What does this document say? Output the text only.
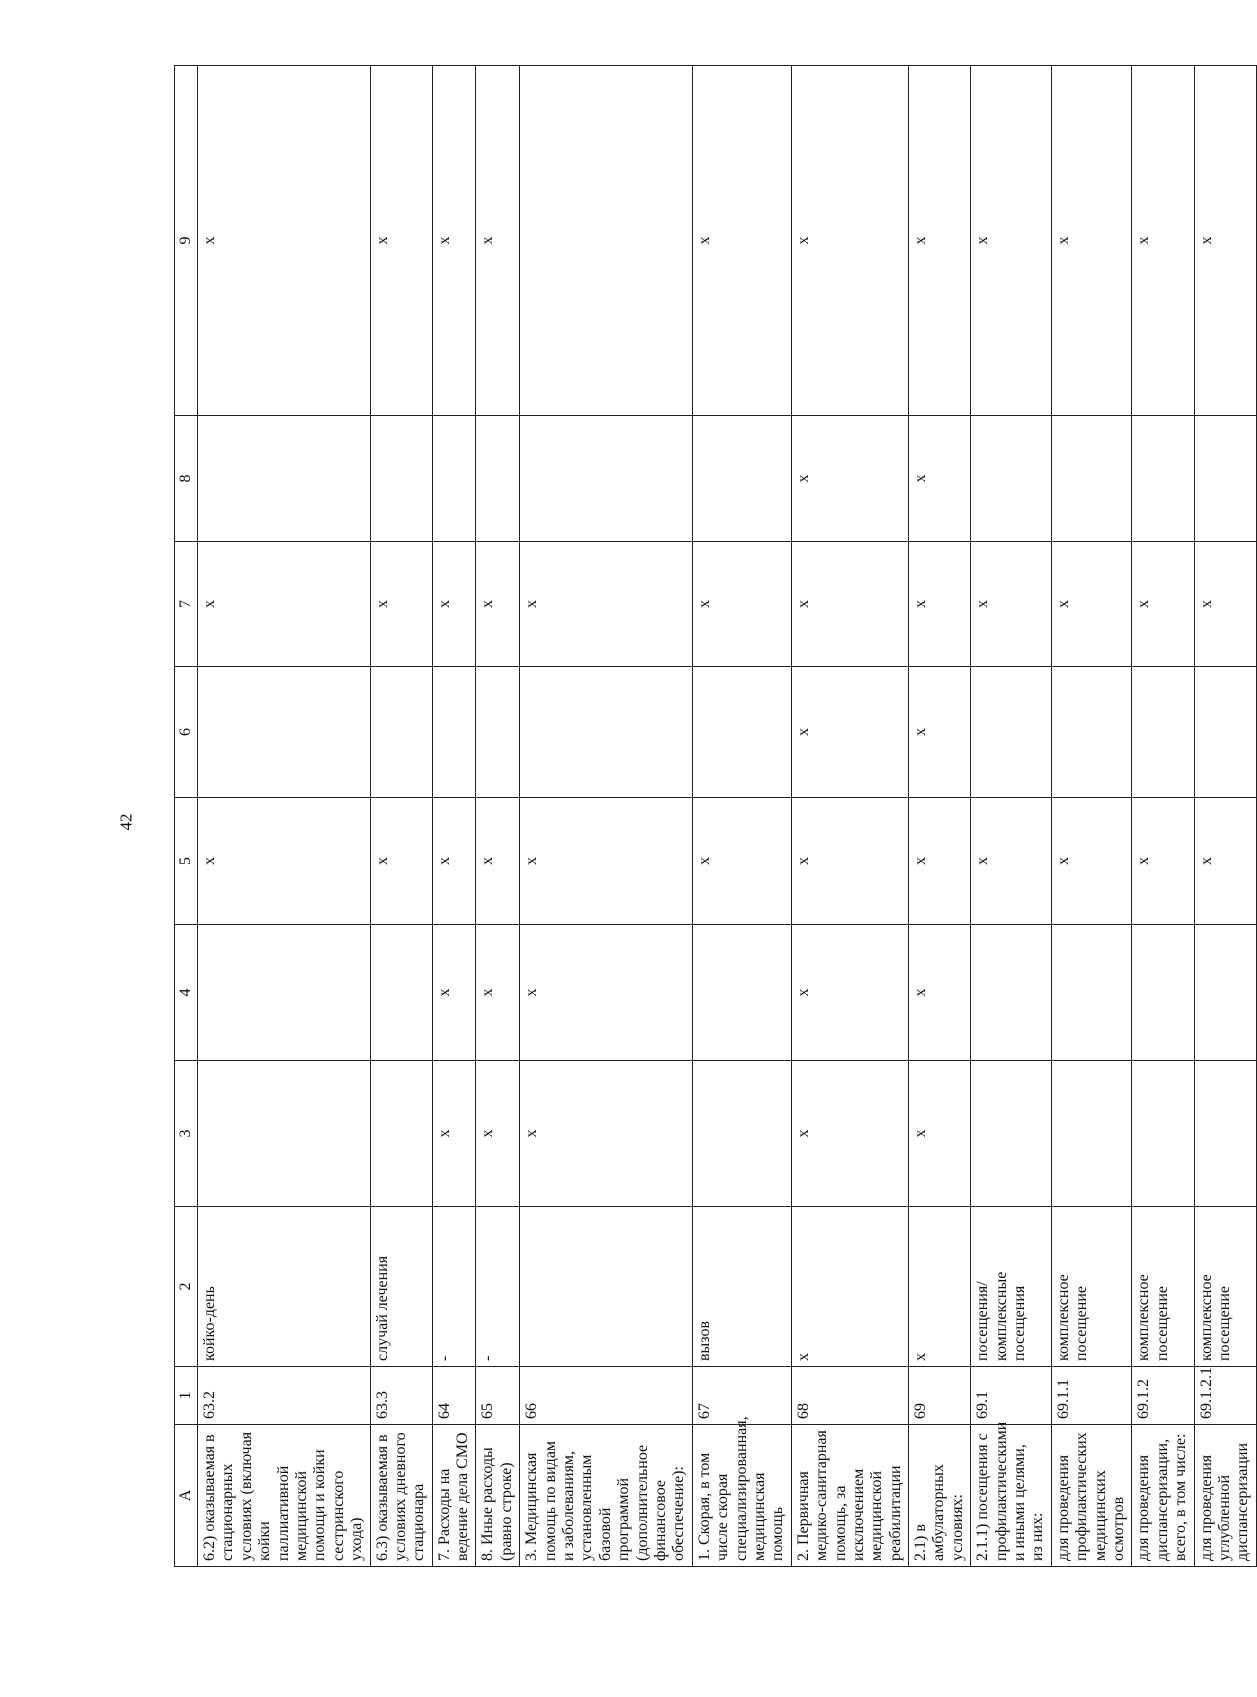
42
A	1	2	3	4	5	6	7	8	9
6.2) оказываемая в стационарных условиях (включая койки паллиативной медицинской помощи и койки сестринского ухода)	63.2	койко-день			х		х		х
6.3) оказываемая в условиях дневного стационара	63.3	случай лечения			х		х		х
7. Расходы на ведение дела СМО	64	-	х	х	х		х		х
8. Иные расходы (равно строке)	65	-	х	х	х		х		х
3. Медицинская помощь по видам и заболеваниям, установленным базовой программой (дополнительное финансовое обеспечение):	66		х	х	х		х		
1. Скорая, в том числе скорая специализированная, медицинская помощь	67	вызов			х		х		х
2. Первичная медико-санитарная помощь, за исключением медицинской реабилитации	68	х	х	х	х	х	х	х	х
2.1) в амбулаторных условиях:	69	х	х	х	х	х	х	х	х
2.1.1) посещения с профилактическими и иными целями, из них:	69.1	посещения/комплексные посещения			х		х		х
для проведения профилактических медицинских осмотров	69.1.1	комплексное посещение			х		х		х
для проведения диспансеризации, всего, в том числе:	69.1.2	комплексное посещение			х		х		х
для проведения углубленной диспансеризации	69.1.2.1	комплексное посещение			х		х		х
